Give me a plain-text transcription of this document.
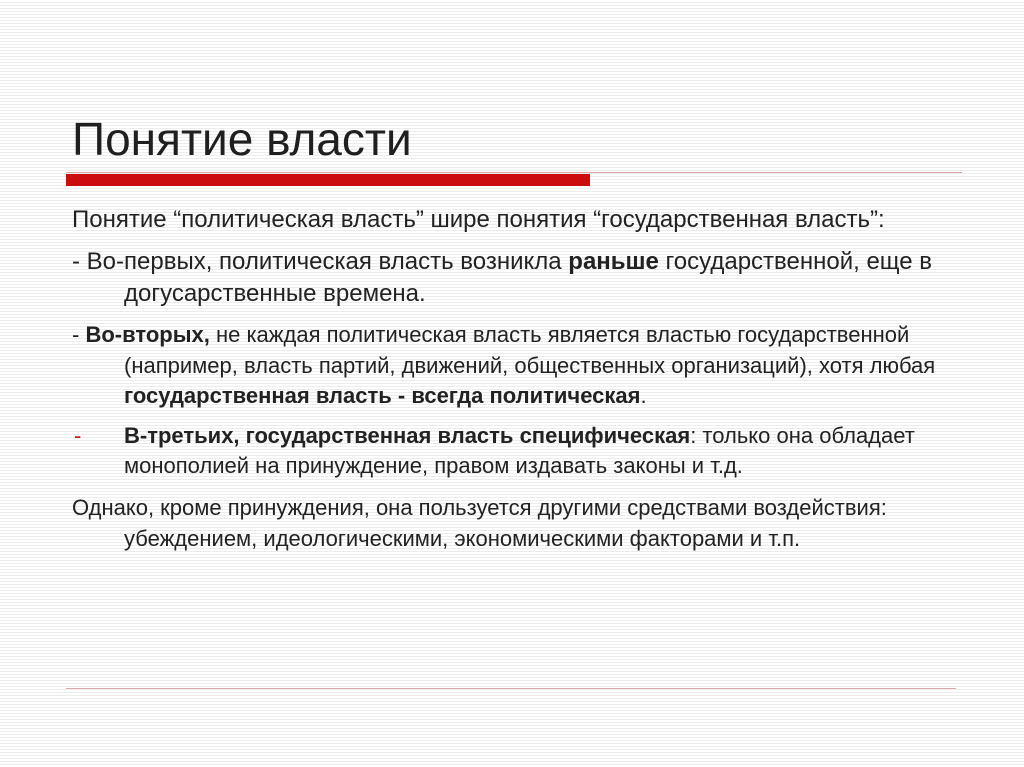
Понятие власти

Понятие “политическая власть” шире понятия “государственная власть”:

- Во-первых, политическая власть возникла раньше государственной, еще в догусарственные времена.

- Во-вторых, не каждая политическая власть является властью государственной (например, власть партий, движений, общественных организаций), хотя любая государственная власть - всегда политическая.

- В-третьих, государственная власть специфическая: только она обладает монополией на принуждение, правом издавать законы и т.д.

Однако, кроме принуждения, она пользуется другими средствами воздействия: убеждением, идеологическими, экономическими факторами и т.п.
